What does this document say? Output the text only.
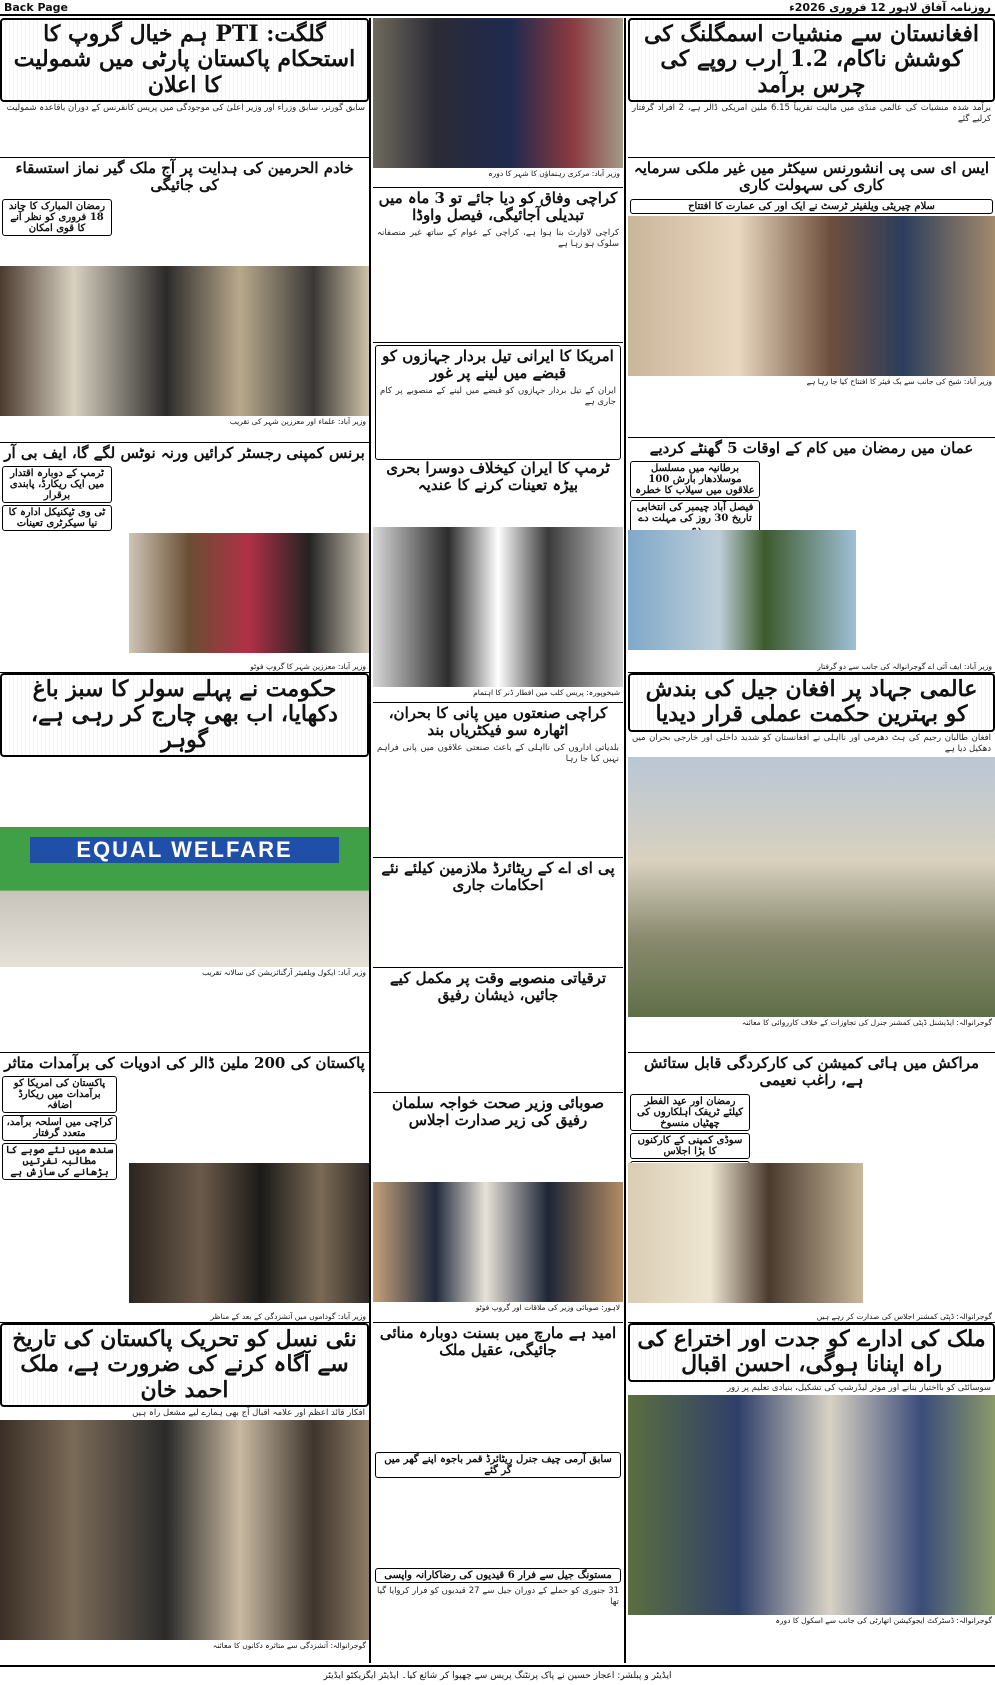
Back Page	روزنامہ آفاق لاہور 12 فروری 2026ء
افغانستان سے منشیات اسمگلنگ کی کوشش ناکام، 1.2 ارب روپے کی چرس برآمد
برآمد شدہ منشیات کی عالمی منڈی میں مالیت تقریباً 6.15 ملین امریکی ڈالر ہے، 2 افراد گرفتار کرلیے گئے
ایس ای سی پی انشورنس سیکٹر میں غیر ملکی سرمایہ کاری کی سہولت کاری
سلام چیریٹی ویلفیئر ٹرسٹ نے ایک اور کی عمارت کا افتتاح
وزیر آباد: شیخ کی جانب سے بک فیئر کا افتتاح کیا جا رہا ہے
عمان میں رمضان میں کام کے اوقات 5 گھنٹے کردیے
برطانیہ میں مسلسل موسلادھار بارش 100 علاقوں میں سیلاب کا خطرہ
فیصل آباد چیمبر کی انتخابی تاریخ 30 روز کی مہلت دے
وزیر آباد: ایف آئی اے گوجرانوالہ کی جانب سے دو گرفتار
عالمی جہاد پر افغان جیل کی بندش کو بہترین حکمت عملی قرار دیدیا
افغان طالبان رجیم کی ہٹ دھرمی اور نااہلی نے افغانستان کو شدید داخلی اور خارجی بحران میں دھکیل دیا ہے
گوجرانوالہ: ایڈیشنل ڈپٹی کمشنر جنرل کی تجاوزات کے خلاف کارروائی کا معائنہ
مراکش میں ہائی کمیشن کی کارکردگی قابل ستائش ہے، راغب نعیمی
رمضان اور عید الفطر کیلئے ٹریفک اہلکاروں کی چھٹیاں منسوخ
سوڈی کمپنی کے کارکنوں کا بڑا اجلاس
گوجرانوالہ: ڈپٹی کمشنر اجلاس کی صدارت کر رہے ہیں
ملک کی ادارے کو جدت اور اختراع کی راہ اپنانا ہوگی، احسن اقبال
سوسائٹی کو بااختیار بنانے اور موثر لیڈرشپ کی تشکیل، بنیادی تعلیم پر زور
گوجرانوالہ: ڈسٹرکٹ ایجوکیشن اتھارٹی کی جانب سے اسکول کا دورہ
وزیر آباد: مرکزی رہنماؤں کا شہر کا دورہ
کراچی وفاق کو دیا جائے تو 3 ماہ میں تبدیلی آجائیگی، فیصل واوڈا
کراچی لاوارث بنا ہوا ہے، کراچی کے عوام کے ساتھ غیر منصفانہ سلوک ہو رہا ہے
امریکا کا ایرانی تیل بردار جہازوں کو قبضے میں لینے پر غور
ایران کے تیل بردار جہازوں کو قبضے میں لینے کے منصوبے پر کام جاری ہے
ٹرمپ کا ایران کیخلاف دوسرا بحری بیڑہ تعینات کرنے کا عندیہ
شیخوپورہ: پریس کلب میں افطار ڈنر کا اہتمام
کراچی صنعتوں میں پانی کا بحران، اٹھارہ سو فیکٹریاں بند
بلدیاتی اداروں کی نااہلی کے باعث صنعتی علاقوں میں پانی فراہم نہیں کیا جا رہا
پی ای اے کے ریٹائرڈ ملازمین کیلئے نئے احکامات جاری
ترقیاتی منصوبے وقت پر مکمل کیے جائیں، ذیشان رفیق
صوبائی وزیر صحت خواجہ سلمان رفیق کی زیر صدارت اجلاس
لاہور: صوبائی وزیر کی ملاقات اور گروپ فوٹو
امید ہے مارچ میں بسنت دوبارہ منائی جائیگی، عقیل ملک
سابق آرمی چیف جنرل ریٹائرڈ قمر باجوہ اپنے گھر میں گر گئے
مستونگ جیل سے فرار 6 قیدیوں کی رضاکارانہ واپسی
31 جنوری کو حملے کے دوران جیل سے 27 قیدیوں کو فرار کروایا گیا تھا
گلگت: PTI ہم خیال گروپ کا استحکام پاکستان پارٹی میں شمولیت کا اعلان
سابق گورنر، سابق وزراء اور وزیر اعلیٰ کی موجودگی میں پریس کانفرنس کے دوران باقاعدہ شمولیت
خادم الحرمین کی ہدایت پر آج ملک گیر نماز استسقاء کی جائیگی
رمضان المبارک کا چاند 18 فروری کو نظر آنے کا قوی امکان
وزیر آباد: علماء اور معززین شہر کی تقریب
برنس کمپنی رجسٹر کرائیں ورنہ نوٹس لگے گا، ایف بی آر
ٹرمپ کے دوبارہ اقتدار میں ایک ریکارڈ، پابندی برقرار
ٹی وی ٹیکنیکل ادارہ کا نیا سیکرٹری تعینات
وزیر آباد: معززین شہر کا گروپ فوٹو
حکومت نے پہلے سولر کا سبز باغ دکھایا، اب بھی چارج کر رہی ہے، گوہر
EQUAL WELFARE
وزیر آباد: ایکول ویلفیئر آرگنائزیشن کی سالانہ تقریب
پاکستان کی 200 ملین ڈالر کی ادویات کی برآمدات متاثر
پاکستان کی امریکا کو برآمدات میں ریکارڈ اضافہ
کراچی میں اسلحہ برآمد، متعدد گرفتار
سندھ میں نئے صوبے کا مطالبہ نفرتیں بڑھانے کی سازش ہے
وزیر آباد: گوداموں میں آتشزدگی کے بعد کے مناظر
نئی نسل کو تحریک پاکستان کی تاریخ سے آگاہ کرنے کی ضرورت ہے، ملک احمد خان
افکار قائد اعظم اور علامہ اقبال آج بھی ہمارے لیے مشعل راہ ہیں
گوجرانوالہ: آتشزدگی سے متاثرہ دکانوں کا معائنہ
ایڈیٹر و پبلشر: اعجاز حسین نے پاک پرنٹنگ پریس سے چھپوا کر شائع کیا۔ ایڈیٹر ایگزیکٹو ایڈیٹر
